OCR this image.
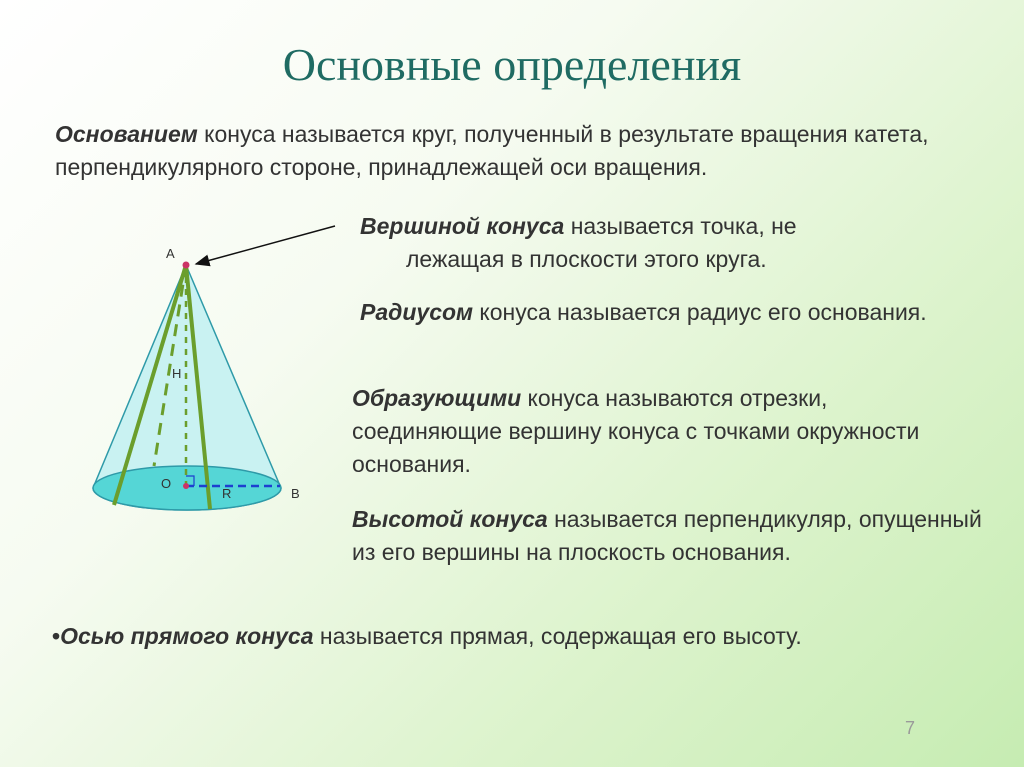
Основные определения
Основанием конуса называется круг, полученный в результате вращения катета, перпендикулярного стороне, принадлежащей оси вращения.
Вершиной конуса называется точка, не
лежащая в плоскости этого круга.
Радиусом конуса называется радиус его основания.
Образующими конуса называются отрезки, соединяющие вершину конуса с точками окружности основания.
Высотой конуса называется перпендикуляр, опущенный из его вершины на плоскость основания.
•Осью прямого конуса называется прямая, содержащая его высоту.
A
H
O
R	B
7
